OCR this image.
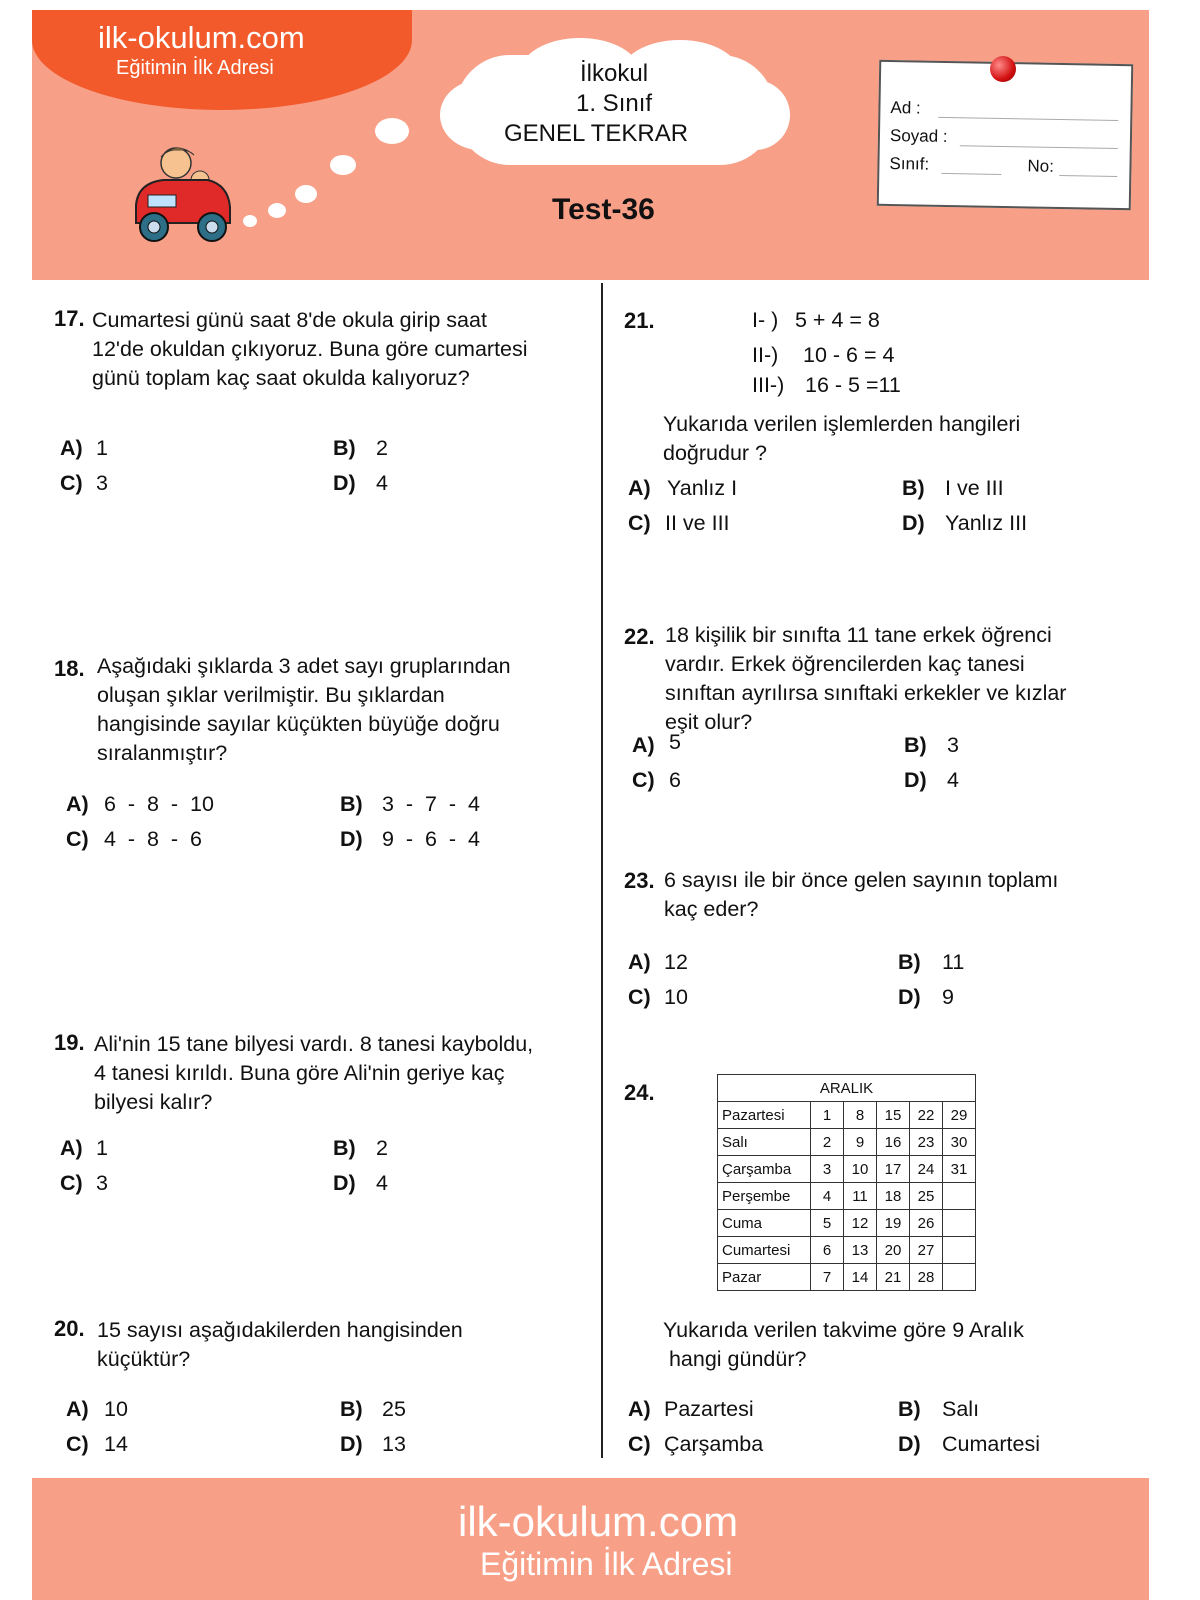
ilk-okulum.com
Eğitimin İlk Adresi	İlkokul
1. Sınıf
GENEL TEKRAR
Test-36
Ad :
Soyad :
Sınıf:	No:
17. Cumartesi günü saat 8'de okula girip saat
12'de okuldan çıkıyoruz. Buna göre cumartesi
günü toplam kaç saat okulda kalıyoruz?
A) 1	B) 2
C) 3	D) 4
18. Aşağıdaki şıklarda 3 adet sayı gruplarından
oluşan şıklar verilmiştir. Bu şıklardan
hangisinde sayılar küçükten büyüğe doğru
sıralanmıştır?
A) 6  -  8  -  10	B) 3  -  7  -  4
C) 4  -  8  -  6	D) 9  -  6  -  4
19. Ali'nin 15 tane bilyesi vardı. 8 tanesi kayboldu,
4 tanesi kırıldı. Buna göre Ali'nin geriye kaç
bilyesi kalır?
A) 1	B) 2
C) 3	D) 4
20. 15 sayısı aşağıdakilerden hangisinden
küçüktür?
A) 10	B) 25
C) 14	D) 13
21.	I- ) 5 + 4 = 8
II-) 10 - 6 = 4
III-) 16 - 5 =11
Yukarıda verilen işlemlerden hangileri
doğrudur ?
A) Yanlız I	B) I ve III
C) II ve III	D) Yanlız III
22. 18 kişilik bir sınıfta 11 tane erkek öğrenci
vardır. Erkek öğrencilerden kaç tanesi
sınıftan ayrılırsa sınıftaki erkekler ve kızlar
eşit olur?
A) 5	B) 3
C) 6	D) 4
23. 6 sayısı ile bir önce gelen sayının toplamı
kaç eder?
A) 12	B) 11
C) 10	D) 9
24.	ARALIK					
Pazartesi	1	8	15	22	29
Salı	2	9	16	23	30
Çarşamba	3	10	17	24	31
Perşembe	4	11	18	25	
Cuma	5	12	19	26	
Cumartesi	6	13	20	27	
Pazar	7	14	21	28	
Yukarıda verilen takvime göre 9 Aralık
hangi gündür?
A) Pazartesi	B) Salı
C) Çarşamba	D) Cumartesi
ilk-okulum.com
Eğitimin İlk Adresi
